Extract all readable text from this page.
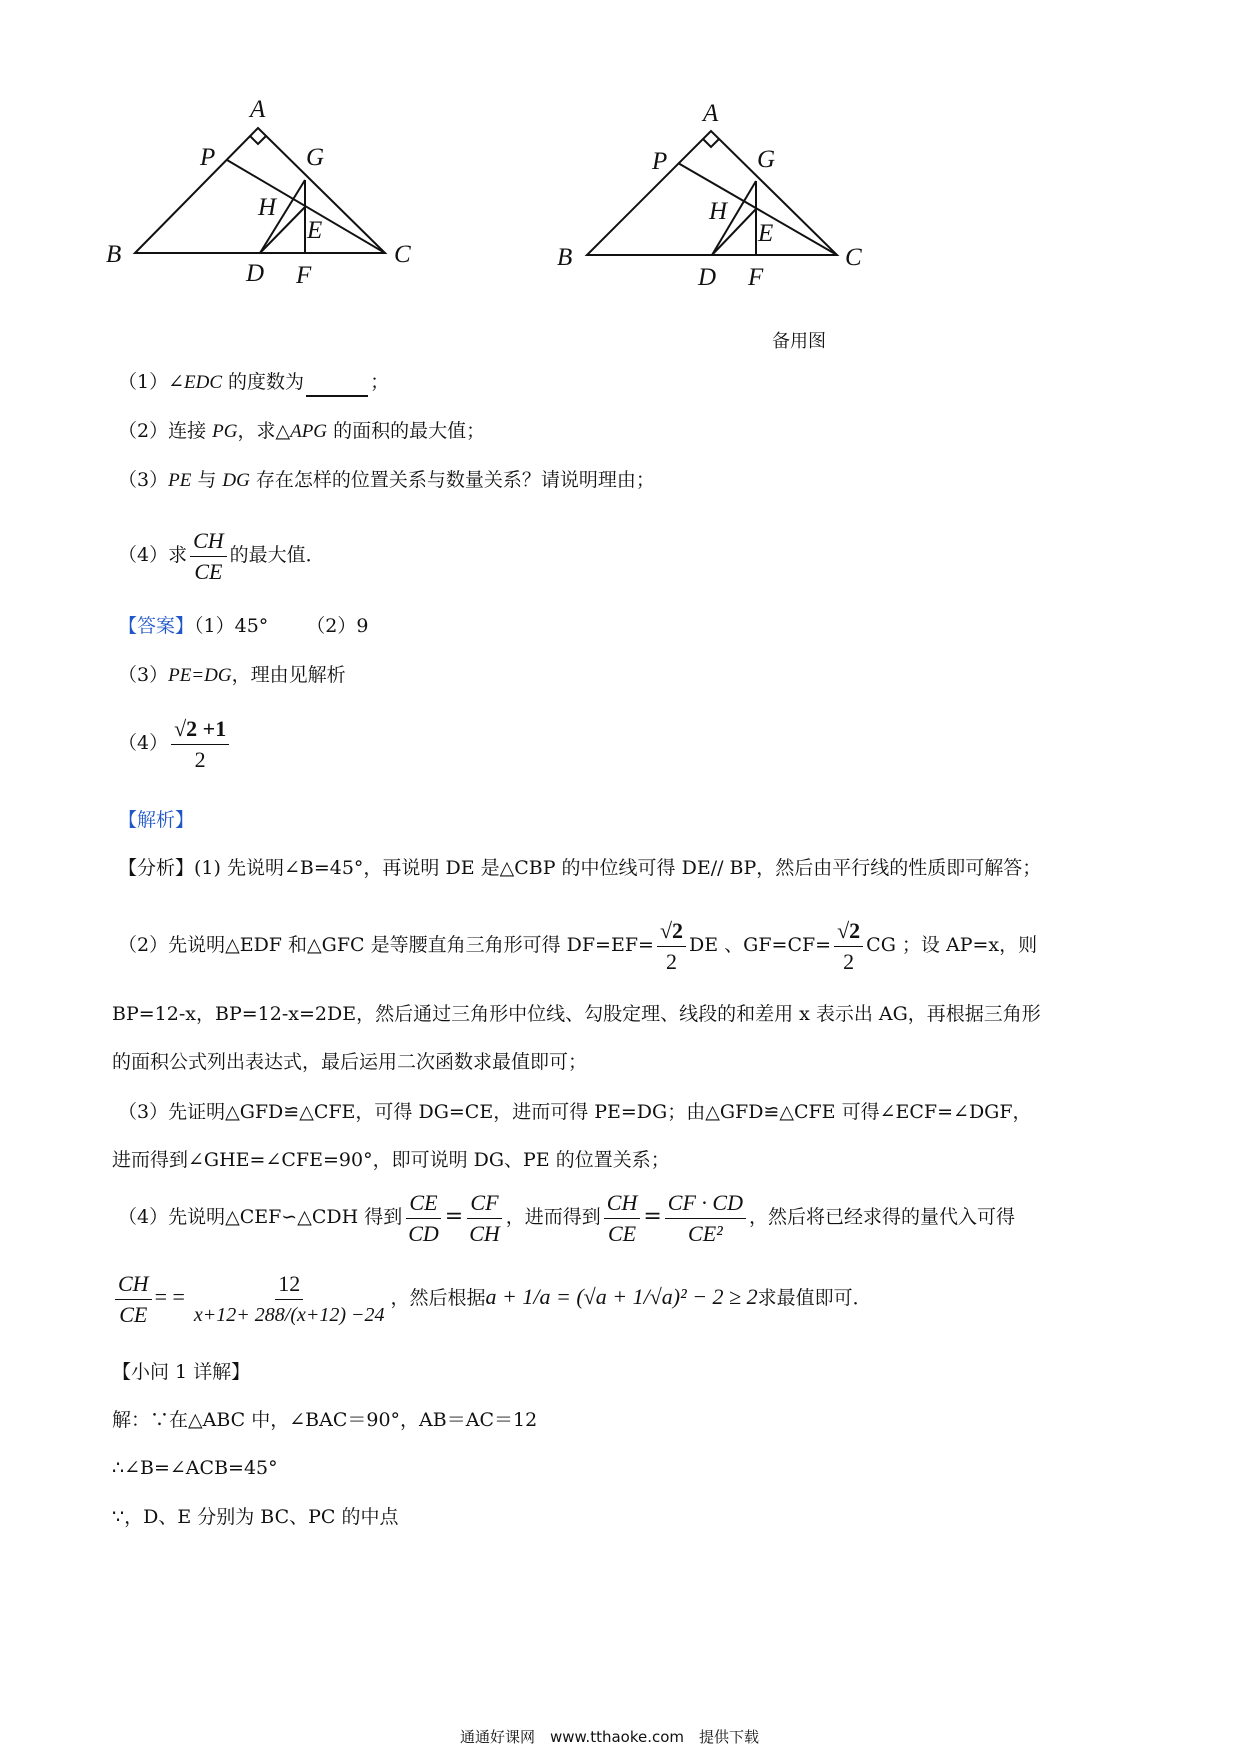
A
P	G
H
E
B	C
D F
A
P	G
H
E
B	C
D F
备用图
（1）∠EDC 的度数为	；
（2）连接 PG，求△APG 的面积的最大值；
（3）PE 与 DG 存在怎样的位置关系与数量关系？请说明理由；
（4）求 $\frac{CH}{CE}$ 的最大值．
【答案】（1）45° （2）9
（3）PE=DG，理由见解析
$(4) \frac{√2 +1}{2}$
【解析】
【分析】(1) 先说明∠B=45°，再说明 DE 是△CBP 的中位线可得 DE// BP，然后由平行线的性质即可解答；
（2）先说明△EDF 和△GFC 是等腰直角三角形可得 $DF=EF= \frac{√2}{2}$ DE 、$GF=CF= \frac{√2}{2}$ CG ；设 AP=x，则
BP=12-x，BP=12-x=2DE，然后通过三角形中位线、勾股定理、线段的和差用 x 表示出 AG，再根据三角形
的面积公式列出表达式，最后运用二次函数求最值即可；
（3）先证明△GFD≌△CFE，可得 DG=CE，进而可得 PE=DG；由△GFD≌△CFE 可得∠ECF=∠DGF，
进而得到∠GHE=∠CFE=90°，即可说明 DG、PE 的位置关系；
（4）先说明△CEF∽△CDH 得到 $\frac{CE}{CD} = \frac{CF}{CH}$ ，进而得到 $\frac{CH}{CE} = \frac{CF \cdot CD}{\text{CE²}}$ ，然后将已经求得的量代入可得
$\frac{CH}{CE}$ = = $\frac{12}{x+12+ 288/(x+12) -24}$ ，然后根据a + 1/a = (√a + 1/√a)² − 2 ≥ 2求最值即可．
【小问 1 详解】
解：∵在△ABC 中，∠BAC＝90°，AB＝AC＝12
∴∠B=∠ACB=45°
∵，D、E 分别为 BC、PC 的中点
通通好课网　www.tthaoke.com　提供下载
